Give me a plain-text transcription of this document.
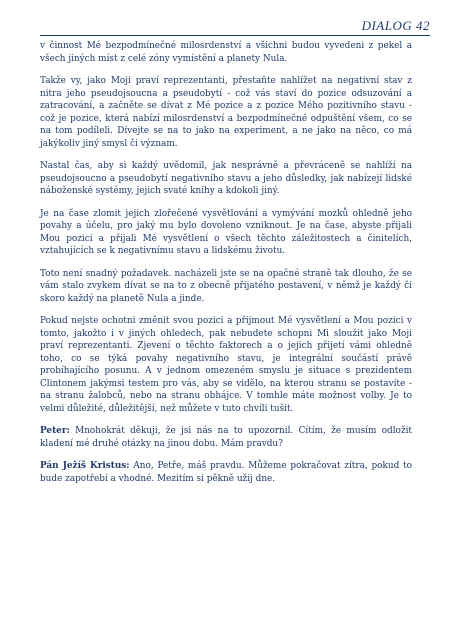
DIALOG 42

v činnost Mé bezpodmínečné milosrdenství a všichni budou vyvedeni z pekel a všech jiných míst z celé zóny vymístění a planety Nula.

Takže vy, jako Moji praví reprezentanti, přestaňte nahlížet na negativní stav z nitra jeho pseudojsoucna a pseudobytí - což vás staví do pozice odsuzování a zatracování, a začněte se dívat z Mé pozice a z pozice Mého pozitivního stavu - což je pozice, která nabízí milosrdenství a bezpodmínečné odpuštění všem, co se na tom podíleli. Dívejte se na to jako na experiment, a ne jako na něco, co má jakýkoliv jiný smysl či význam.

Nastal čas, aby si každý uvědomil, jak nesprávně a převráceně se nahlíží na pseudojsoucno a pseudobytí negativního stavu a jeho důsledky, jak nabízejí lidské náboženské systémy, jejich svaté knihy a kdokoli jiný.

Je na čase zlomit jejich zlořečené vysvětlování a vymývání mozků ohledně jeho povahy a účelu, pro jaký mu bylo dovoleno vzniknout. Je na čase, abyste přijali Mou pozici a přijali Mé vysvětlení o všech těchto záležitostech a činitelích, vztahujících se k negativnímu stavu a lidskému životu.

Toto není snadný požadavek. nacházeli jste se na opačné straně tak dlouho, že se vám stalo zvykem dívat se na to z obecně přijatého postavení, v němž je každý či skoro každý na planetě Nula a jinde.

Pokud nejste ochotni změnit svou pozici a přijmout Mé vysvětlení a Mou pozici v tomto, jakožto i v jiných ohledech, pak nebudete schopni Mi sloužit jako Moji praví reprezentanti. Zjevení o těchto faktorech a o jejich přijetí vámi ohledně toho, co se týká povahy negativního stavu, je integrální součástí právě probíhajícího posunu. A v jednom omezeném smyslu je situace s prezidentem Clintonem jakýmsi testem pro vás, aby se vidělo, na kterou stranu se postavíte - na stranu žalobců, nebo na stranu obhájce. V tomhle máte možnost volby. Je to velmi důležité, důležitější, než můžete v tuto chvíli tušit.

Peter: Mnohokrát děkuji, že jsi nás na to upozornil. Cítím, že musím odložit kladení mé druhé otázky na jinou dobu. Mám pravdu?

Pán Ježíš Kristus: Ano, Petře, máš pravdu. Můžeme pokračovat zítra, pokud to bude zapotřebí a vhodné. Mezitím si pěkně užij dne.
